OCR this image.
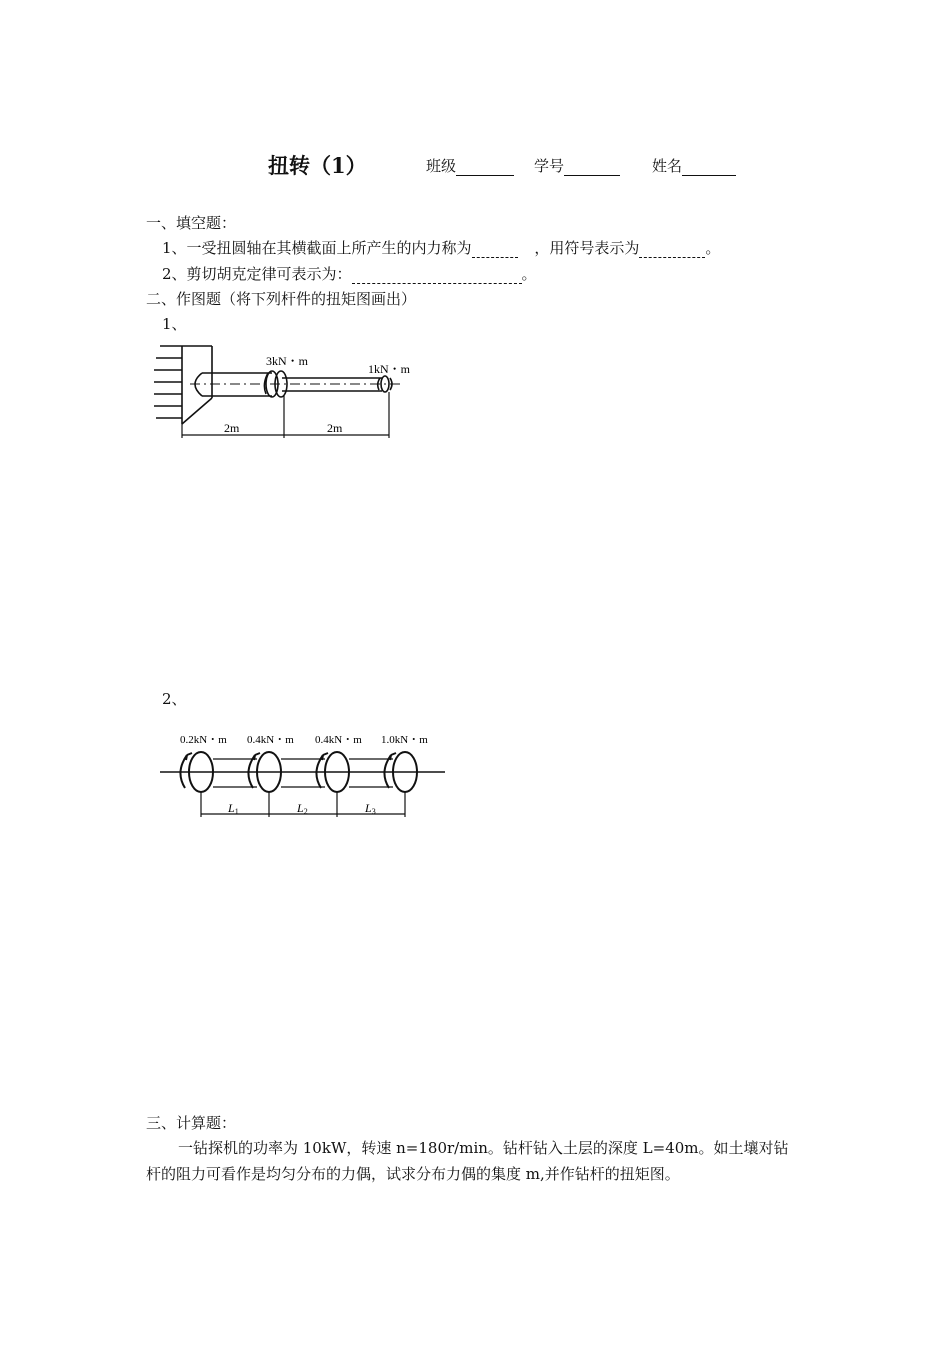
扭转（1）	班级	学号	姓名
一、填空题：
1、一受扭圆轴在其横截面上所产生的内力称为	，用符号表示为	。
2、剪切胡克定律可表示为：	。
二、作图题（将下列杆件的扭矩图画出）
1、
3kN・m
1kN・m
2m	2m
2、
0.2kN・m 0.4kN・m 0.4kN・m 1.0kN・m
L1	L2	L3
三、计算题：
一钻探机的功率为 10kW，转速 n=180r/min。钻杆钻入土层的深度 L=40m。如土壤对钻
杆的阻力可看作是均匀分布的力偶，试求分布力偶的集度 m,并作钻杆的扭矩图。
